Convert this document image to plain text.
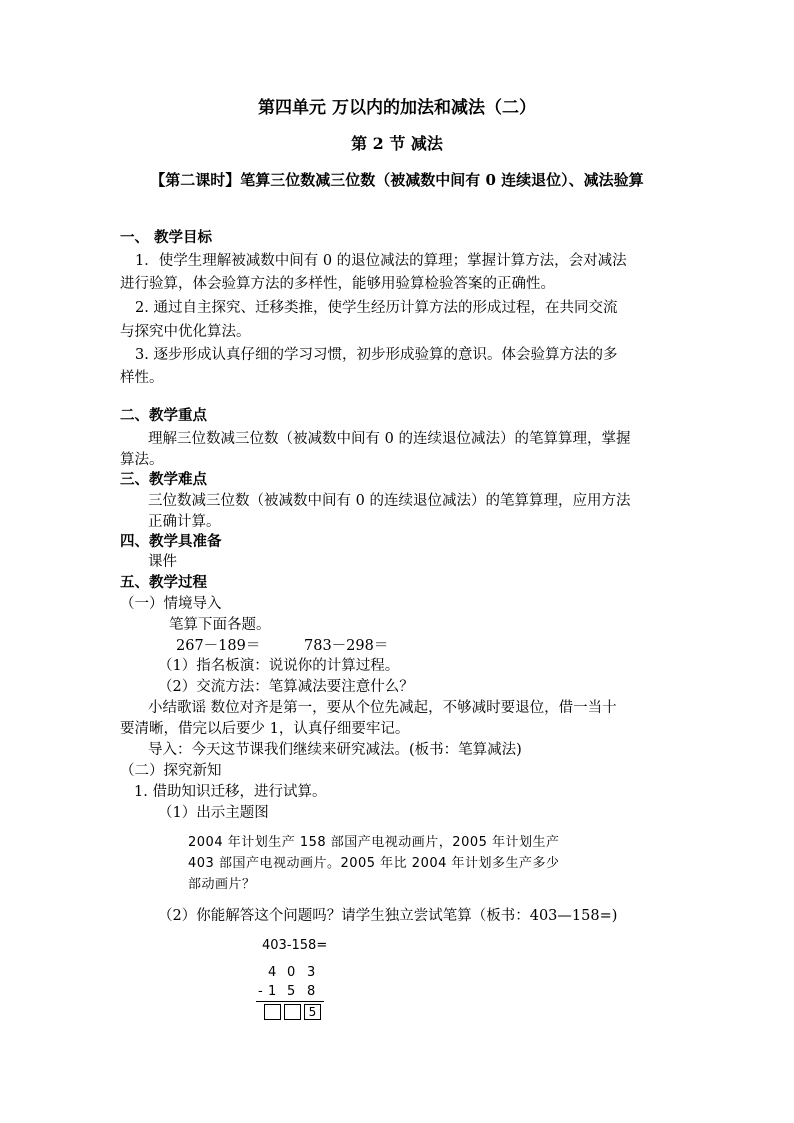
第四单元 万以内的加法和减法（二）
第 2 节 减法
【第二课时】笔算三位数减三位数（被减数中间有 0 连续退位）、减法验算
一、 教学目标
1．使学生理解被减数中间有 0 的退位减法的算理；掌握计算方法，会对减法
进行验算，体会验算方法的多样性，能够用验算检验答案的正确性。
2. 通过自主探究、迁移类推，使学生经历计算方法的形成过程，在共同交流
与探究中优化算法。
3. 逐步形成认真仔细的学习习惯，初步形成验算的意识。体会验算方法的多
样性。
二、教学重点
理解三位数减三位数（被减数中间有 0 的连续退位减法）的笔算算理，掌握
算法。
三、教学难点
三位数减三位数（被减数中间有 0 的连续退位减法）的笔算算理，应用方法
正确计算。
四、教学具准备
课件
五、教学过程
（一）情境导入
笔算下面各题。
267－189＝	783－298＝
（1）指名板演：说说你的计算过程。
（2）交流方法：笔算减法要注意什么？
小结歌谣 数位对齐是第一，要从个位先减起，不够减时要退位，借一当十
要清晰，借完以后要少 1，认真仔细要牢记。
导入：今天这节课我们继续来研究减法。(板书：笔算减法)
（二）探究新知
1. 借助知识迁移，进行试算。
（1）出示主题图
2004 年计划生产 158 部国产电视动画片，2005 年计划生产
403 部国产电视动画片。2005 年比 2004 年计划多生产多少
部动画片？
（2）你能解答这个问题吗？请学生独立尝试笔算（板书：403—158=)
403-158=
4 0 3
- 1 5 8
5
